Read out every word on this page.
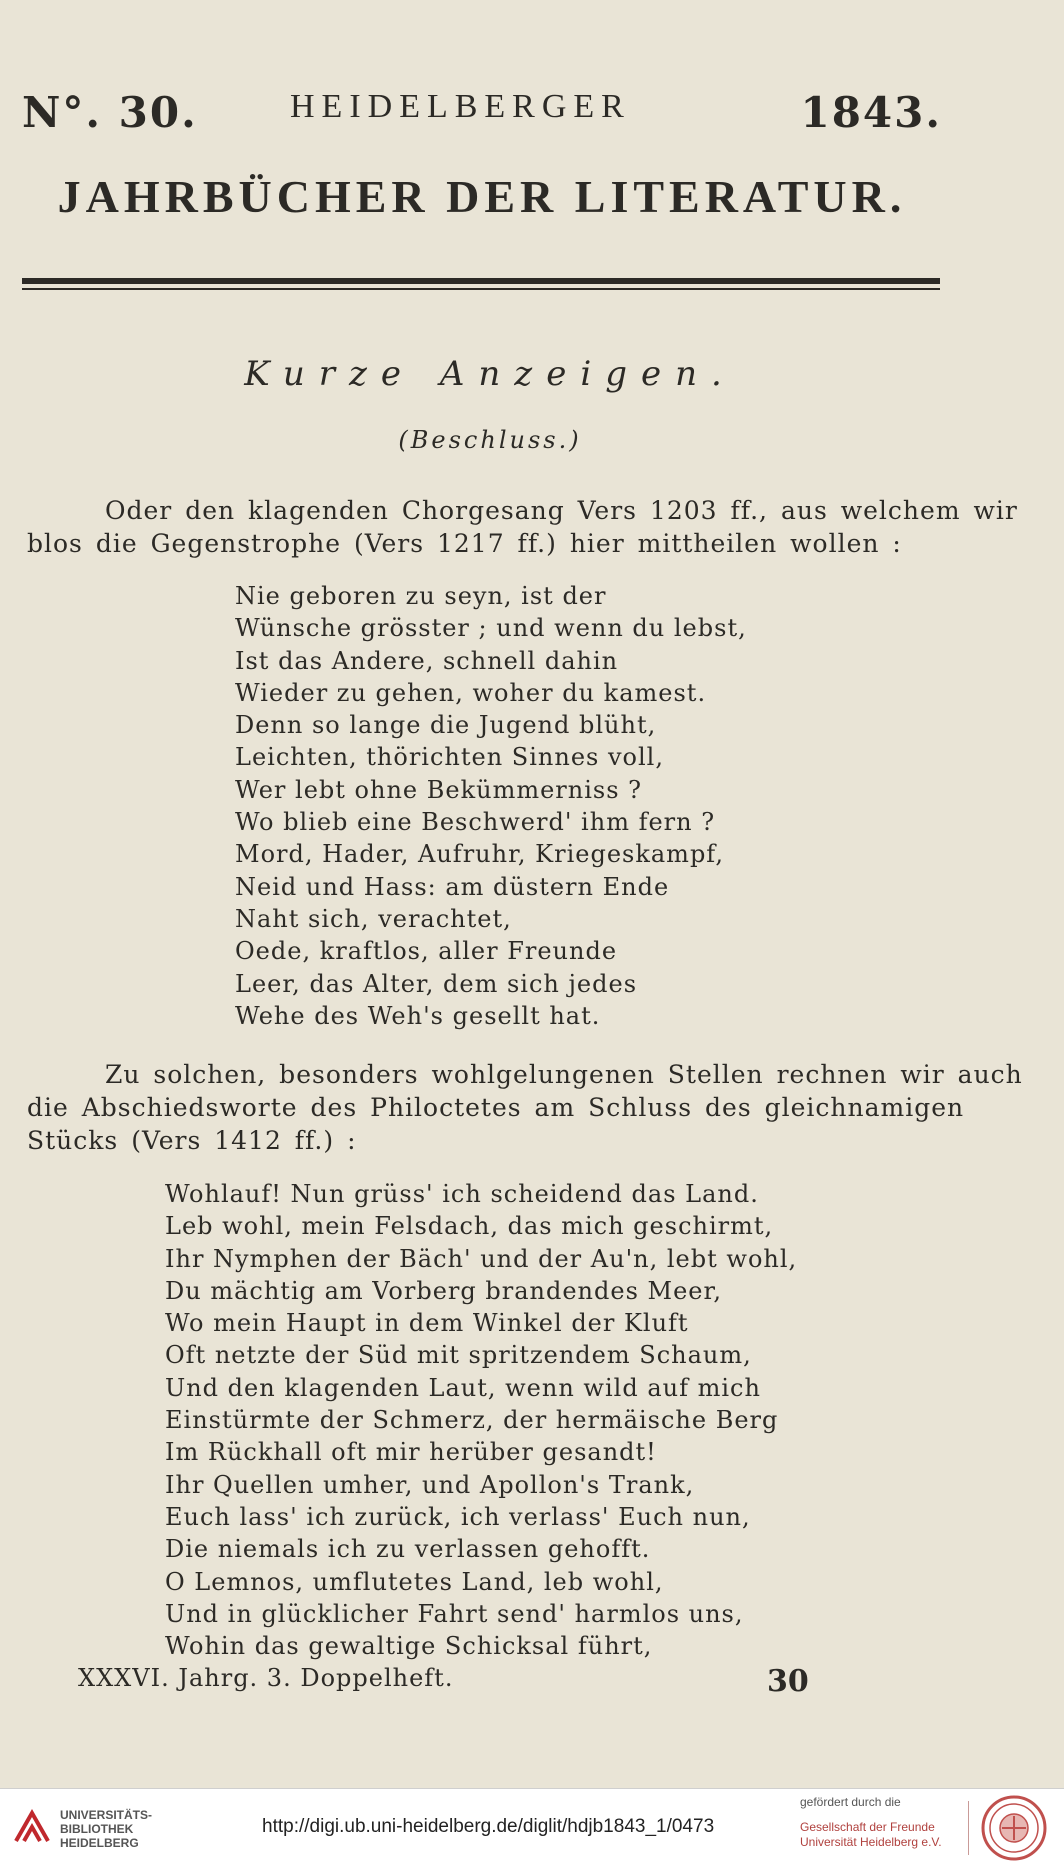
N°. 30.	HEIDELBERGER	1843.
JAHRBÜCHER DER LITERATUR.
Kurze Anzeigen.
(Beschluss.)

Oder den klagenden Chorgesang Vers 1203 ff., aus welchem wir

blos die Gegenstrophe (Vers 1217 ff.) hier mittheilen wollen :

Nie geboren zu seyn, ist der

Wünsche grösster ; und wenn du lebst,

Ist das Andere, schnell dahin

Wieder zu gehen, woher du kamest.

Denn so lange die Jugend blüht,

Leichten, thörichten Sinnes voll,

Wer lebt ohne Bekümmerniss ?

Wo blieb eine Beschwerd' ihm fern ?

Mord, Hader, Aufruhr, Kriegeskampf,

Neid und Hass: am düstern Ende

Naht sich, verachtet,

Oede, kraftlos, aller Freunde

Leer, das Alter, dem sich jedes

Wehe des Weh's gesellt hat.

Zu solchen, besonders wohlgelungenen Stellen rechnen wir auch

die Abschiedsworte des Philoctetes am Schluss des gleichnamigen

Stücks (Vers 1412 ff.) :

Wohlauf! Nun grüss' ich scheidend das Land.

Leb wohl, mein Felsdach, das mich geschirmt,

Ihr Nymphen der Bäch' und der Au'n, lebt wohl,

Du mächtig am Vorberg brandendes Meer,

Wo mein Haupt in dem Winkel der Kluft

Oft netzte der Süd mit spritzendem Schaum,

Und den klagenden Laut, wenn wild auf mich

Einstürmte der Schmerz, der hermäische Berg

Im Rückhall oft mir herüber gesandt!

Ihr Quellen umher, und Apollon's Trank,

Euch lass' ich zurück, ich verlass' Euch nun,

Die niemals ich zu verlassen gehofft.

O Lemnos, umflutetes Land, leb wohl,

Und in glücklicher Fahrt send' harmlos uns,

Wohin das gewaltige Schicksal führt,

XXXVI. Jahrg. 3. Doppelheft.	30
UNIVERSITÄTS-
BIBLIOTHEK
HEIDELBERG
http://digi.ub.uni-heidelberg.de/diglit/hdjb1843_1/0473
gefördert durch die
Gesellschaft der Freunde
Universität Heidelberg e.V.
